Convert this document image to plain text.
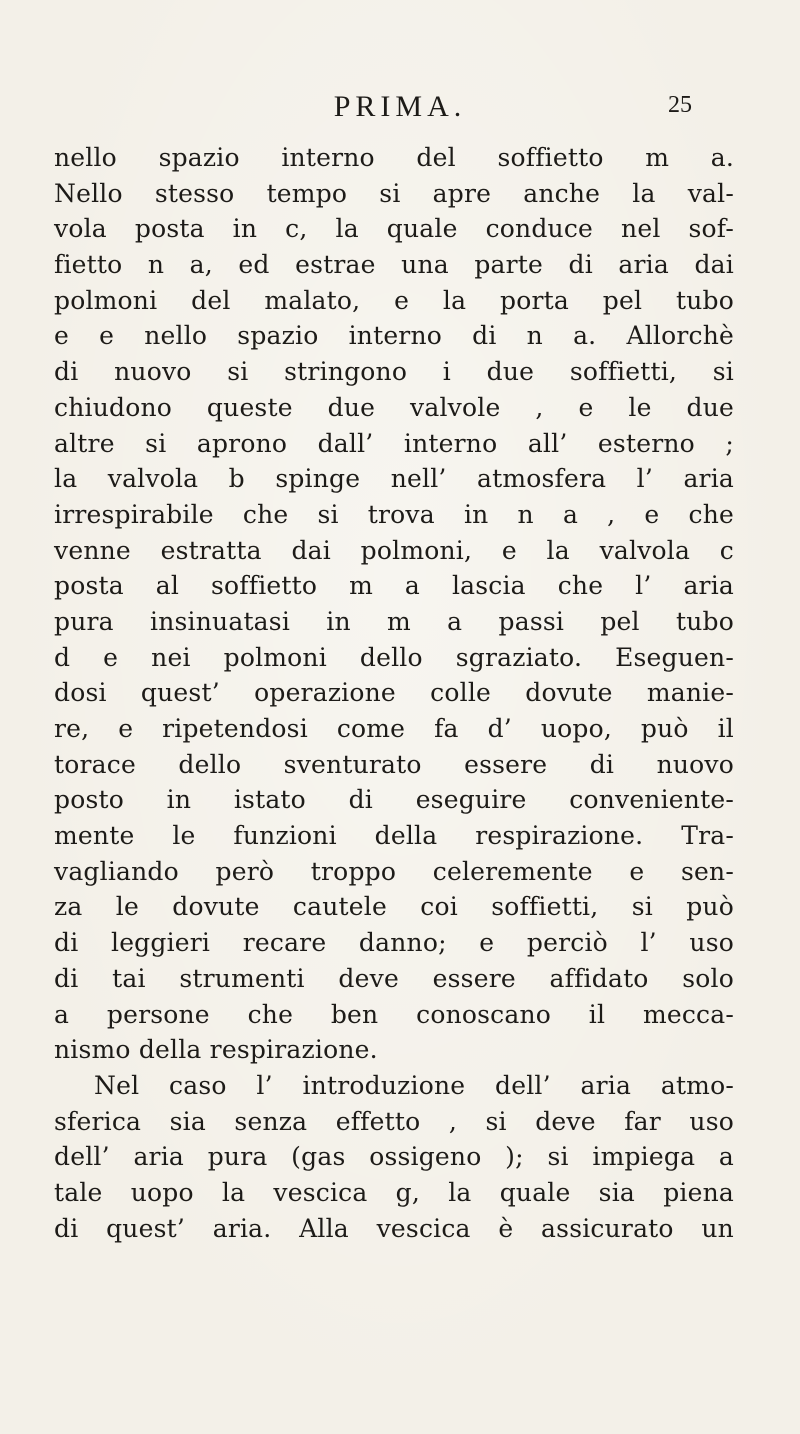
PRIMA.	25
nello spazio interno del soffietto m a.
Nello stesso tempo si apre anche la val-
vola posta in c, la quale conduce nel sof-
fietto n a, ed estrae una parte di aria dai
polmoni del malato, e la porta pel tubo
e e nello spazio interno di n a. Allorchè
di nuovo si stringono i due soffietti, si
chiudono queste due valvole , e le due
altre si aprono dall’ interno all’ esterno ;
la valvola b spinge nell’ atmosfera l’ aria
irrespirabile che si trova in n a , e che
venne estratta dai polmoni, e la valvola c
posta al soffietto m a lascia che l’ aria
pura insinuatasi in m a passi pel tubo
d e nei polmoni dello sgraziato. Eseguen-
dosi quest’ operazione colle dovute manie-
re, e ripetendosi come fa d’ uopo, può il
torace dello sventurato essere di nuovo
posto in istato di eseguire conveniente-
mente le funzioni della respirazione. Tra-
vagliando però troppo celeremente e sen-
za le dovute cautele coi soffietti, si può
di leggieri recare danno; e perciò l’ uso
di tai strumenti deve essere affidato solo
a persone che ben conoscano il mecca-
nismo della respirazione.
Nel caso l’ introduzione dell’ aria atmo-
sferica sia senza effetto , si deve far uso
dell’ aria pura (gas ossigeno ); si impiega a
tale uopo la vescica g, la quale sia piena
di quest’ aria. Alla vescica è assicurato un
